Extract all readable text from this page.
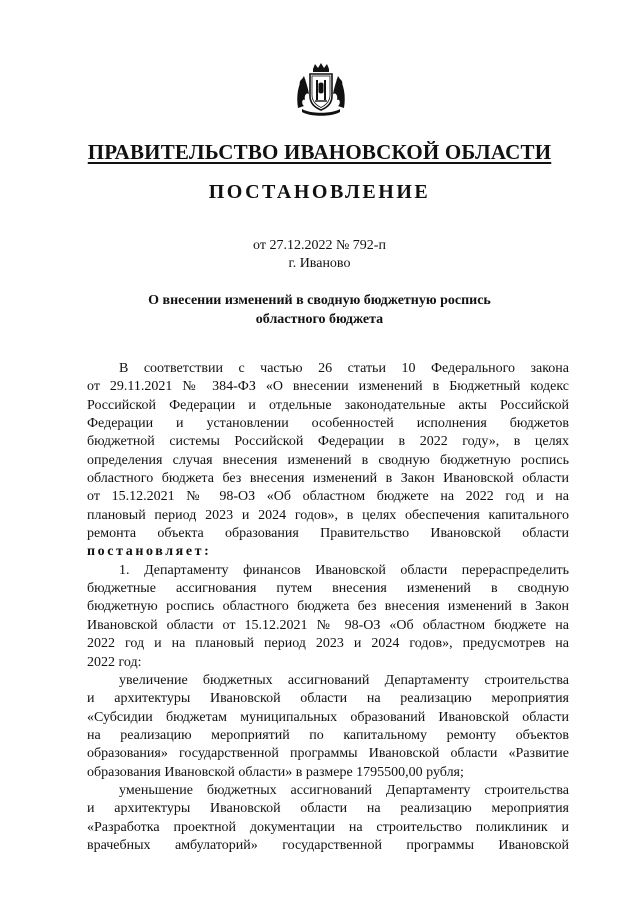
ПРАВИТЕЛЬСТВО ИВАНОВСКОЙ ОБЛАСТИ
ПОСТАНОВЛЕНИЕ
от 27.12.2022 № 792-п
г. Иваново
О внесении изменений в сводную бюджетную роспись
областного бюджета
В соответствии с частью 26 статьи 10 Федерального закона
от 29.11.2021 № 384-ФЗ «О внесении изменений в Бюджетный кодекс
Российской Федерации и отдельные законодательные акты Российской
Федерации и установлении особенностей исполнения бюджетов
бюджетной системы Российской Федерации в 2022 году», в целях
определения случая внесения изменений в сводную бюджетную роспись
областного бюджета без внесения изменений в Закон Ивановской области
от 15.12.2021 № 98-ОЗ «Об областном бюджете на 2022 год и на
плановый период 2023 и 2024 годов», в целях обеспечения капитального
ремонта объекта образования Правительство Ивановской области
постановляет:
1. Департаменту финансов Ивановской области перераспределить
бюджетные ассигнования путем внесения изменений в сводную
бюджетную роспись областного бюджета без внесения изменений в Закон
Ивановской области от 15.12.2021 № 98-ОЗ «Об областном бюджете на
2022 год и на плановый период 2023 и 2024 годов», предусмотрев на
2022 год:
увеличение бюджетных ассигнований Департаменту строительства
и архитектуры Ивановской области на реализацию мероприятия
«Субсидии бюджетам муниципальных образований Ивановской области
на реализацию мероприятий по капитальному ремонту объектов
образования» государственной программы Ивановской области «Развитие
образования Ивановской области» в размере 1795500,00 рубля;
уменьшение бюджетных ассигнований Департаменту строительства
и архитектуры Ивановской области на реализацию мероприятия
«Разработка проектной документации на строительство поликлиник и
врачебных амбулаторий» государственной программы Ивановской
